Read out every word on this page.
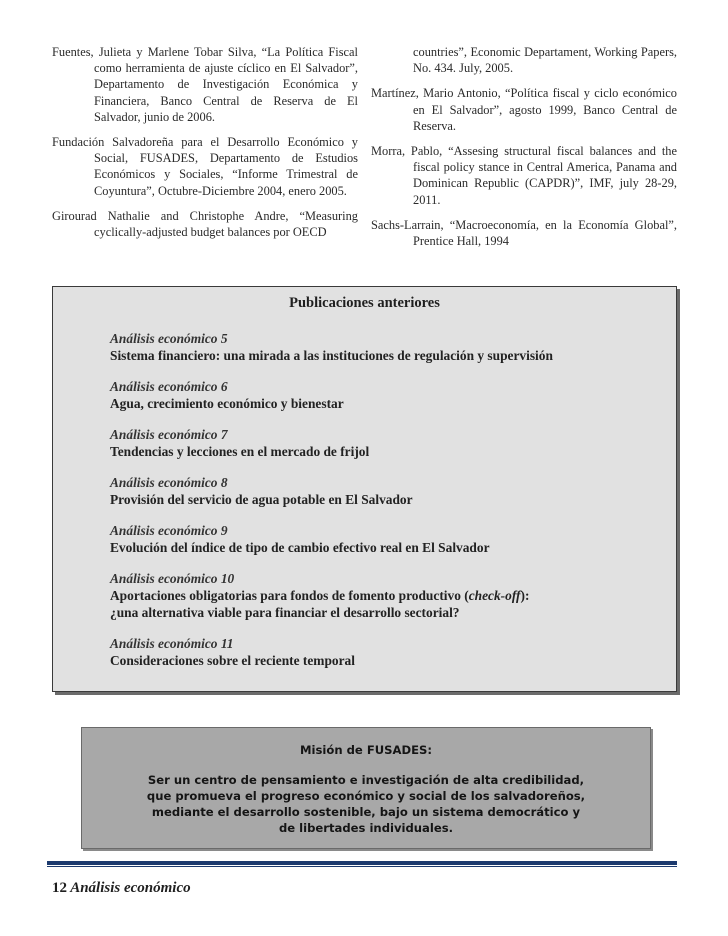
Fuentes, Julieta y Marlene Tobar Silva, “La Política Fiscal como herramienta de ajuste cíclico en El Salvador”, Departamento de Investigación Económica y Financiera, Banco Central de Reserva de El Salvador, junio de 2006.

Fundación Salvadoreña para el Desarrollo Económico y Social, FUSADES, Departamento de Estudios Económicos y Sociales, “Informe Trimestral de Coyuntura”, Octubre-Diciembre 2004, enero 2005.

Girourad Nathalie and Christophe Andre, “Measuring cyclically-adjusted budget balances por OECD

countries”, Economic Departament, Working Papers, No. 434. July, 2005.

Martínez, Mario Antonio, “Política fiscal y ciclo económico en El Salvador”, agosto 1999, Banco Central de Reserva.

Morra, Pablo, “Assesing structural fiscal balances and the fiscal policy stance in Central America, Panama and Dominican Republic (CAPDR)”, IMF, july 28-29, 2011.

Sachs-Larrain, “Macroeconomía, en la Economía Global”, Prentice Hall, 1994

Publicaciones anteriores
Análisis económico 5
Sistema financiero: una mirada a las instituciones de regulación y supervisión
Análisis económico 6
Agua, crecimiento económico y bienestar
Análisis económico 7
Tendencias y lecciones en el mercado de frijol
Análisis económico 8
Provisión del servicio de agua potable en El Salvador
Análisis económico 9
Evolución del índice de tipo de cambio efectivo real en El Salvador
Análisis económico 10
Aportaciones obligatorias para fondos de fomento productivo (check-off):
¿una alternativa viable para financiar el desarrollo sectorial?
Análisis económico 11
Consideraciones sobre el reciente temporal
Misión de FUSADES:
Ser un centro de pensamiento e investigación de alta credibilidad,
que promueva el progreso económico y social de los salvadoreños,
mediante el desarrollo sostenible, bajo un sistema democrático y
de libertades individuales.
12 Análisis económico
